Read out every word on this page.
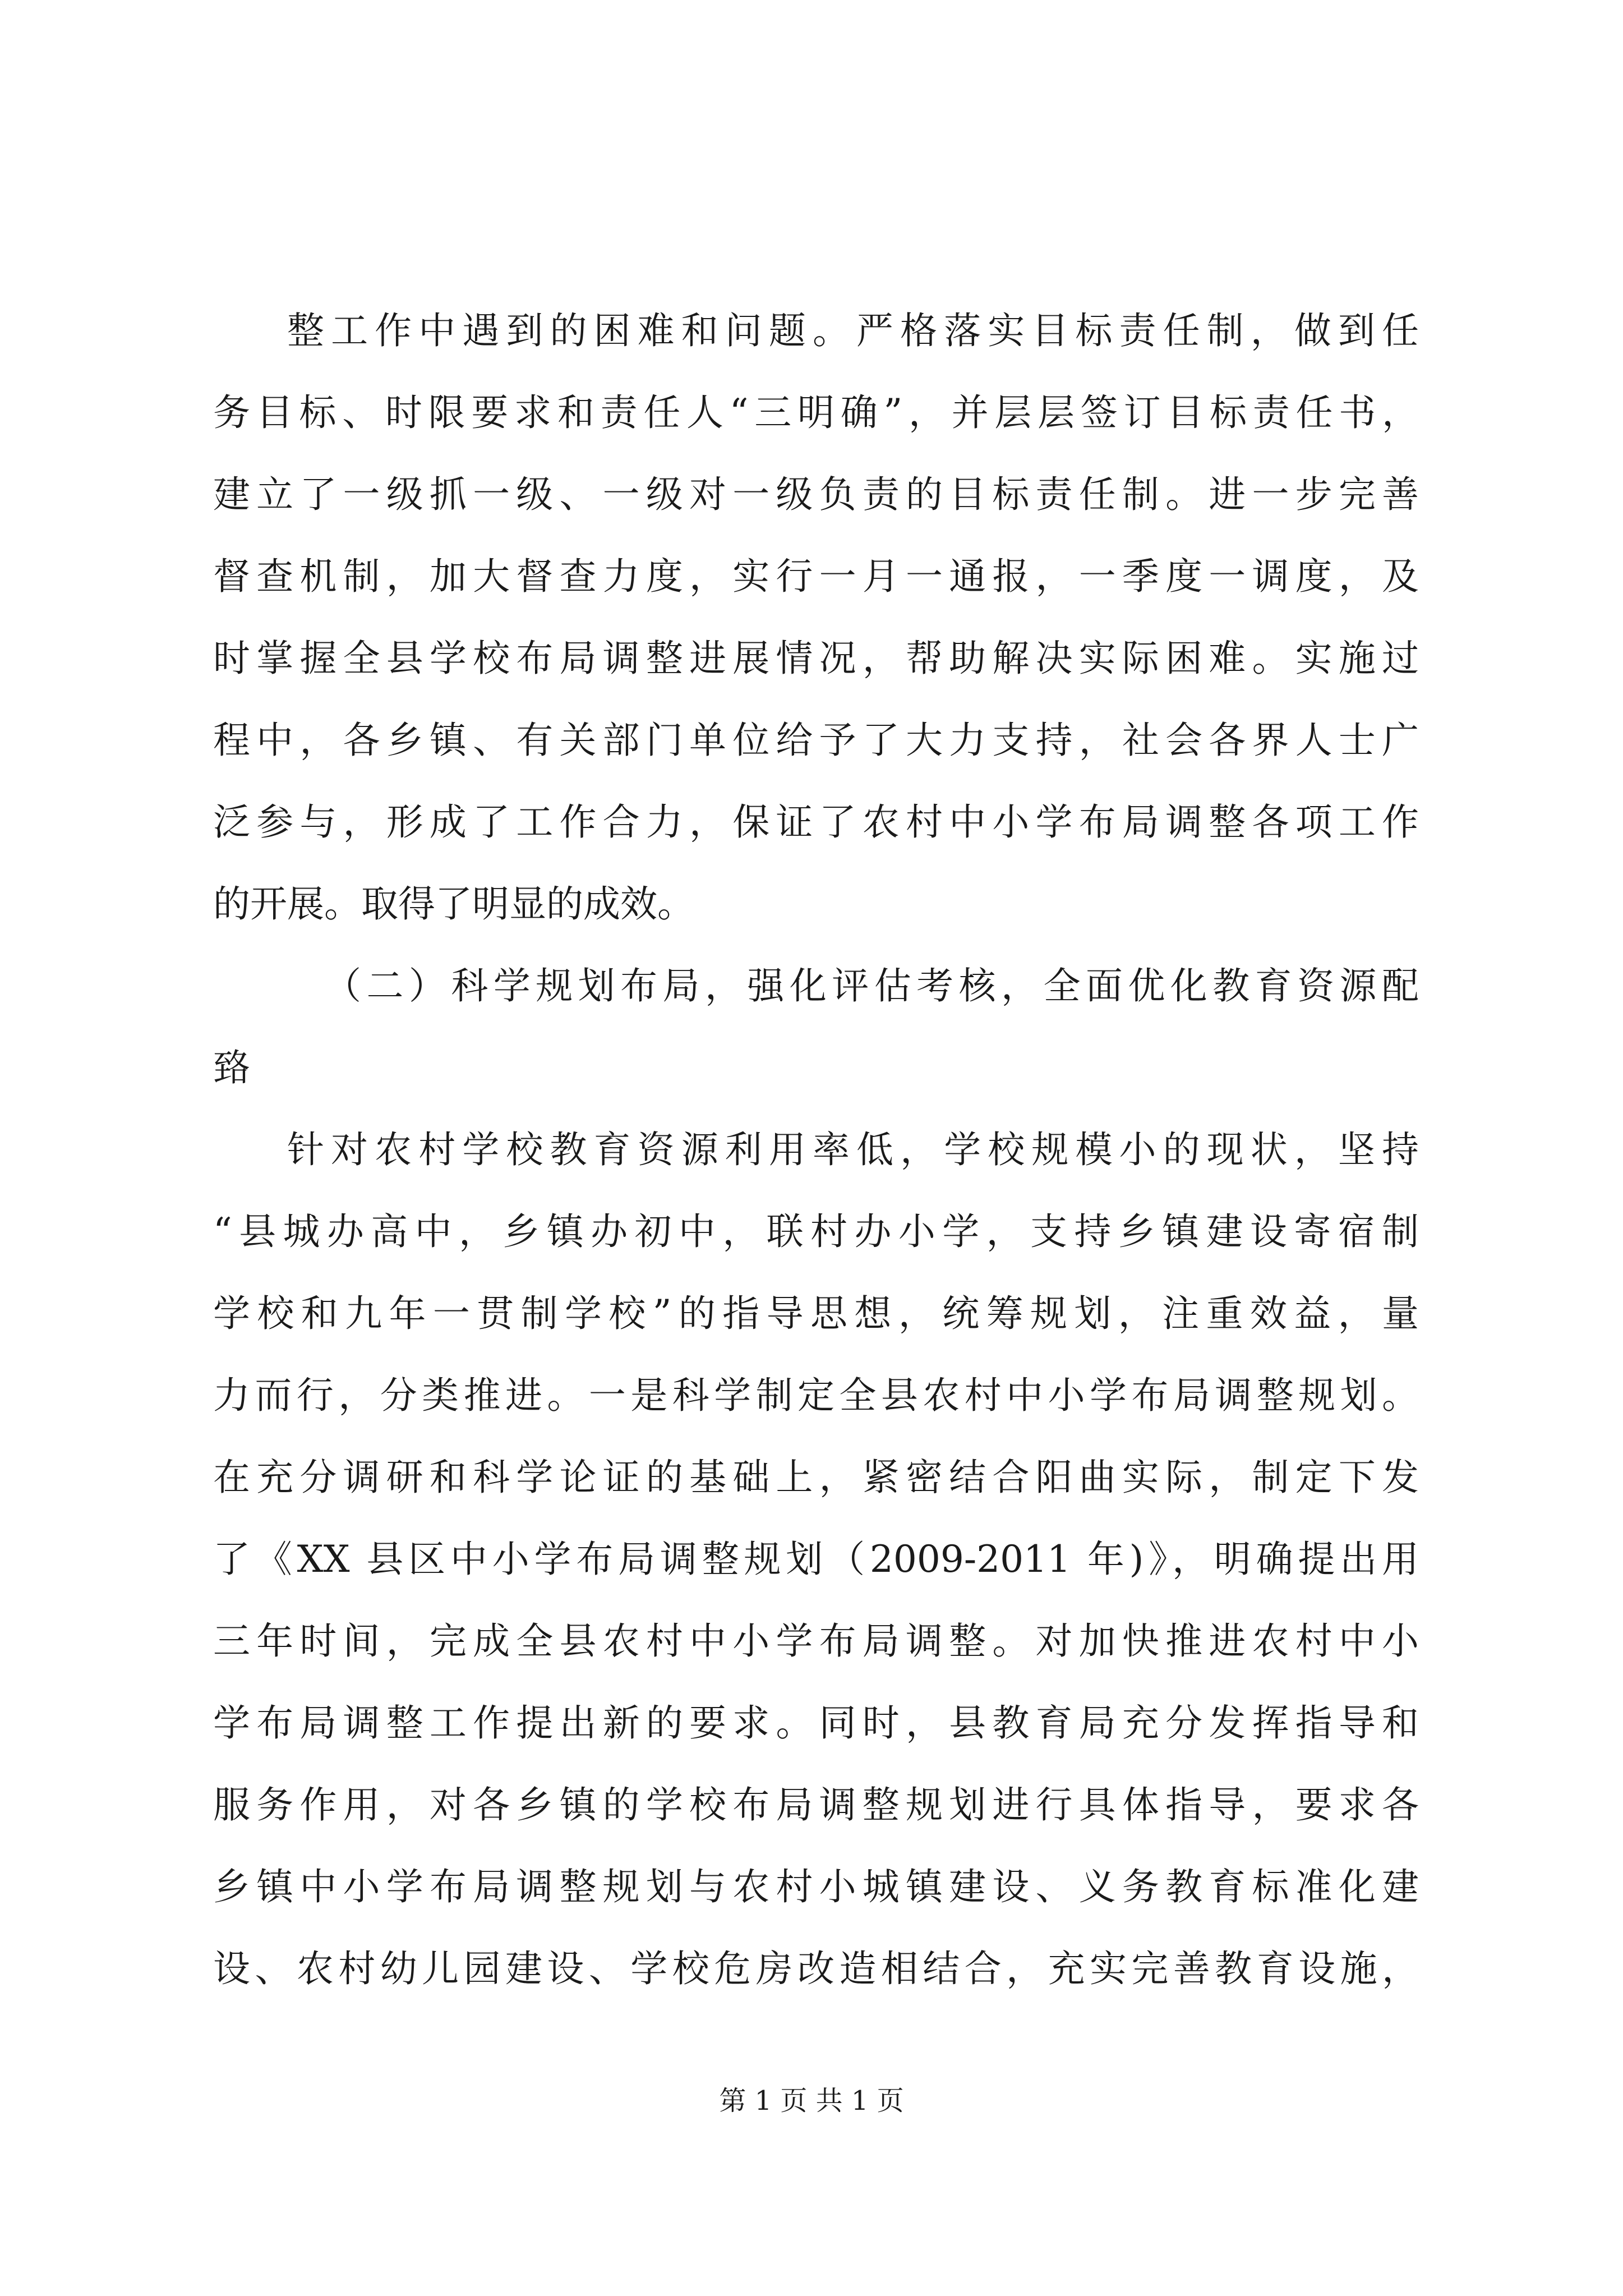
整工作中遇到的困难和问题。严格落实目标责任制，做到任
务目标、时限要求和责任人“三明确”，并层层签订目标责任书，
建立了一级抓一级、一级对一级负责的目标责任制。进一步完善
督查机制，加大督查力度，实行一月一通报，一季度一调度，及
时掌握全县学校布局调整进展情况，帮助解决实际困难。实施过
程中，各乡镇、有关部门单位给予了大力支持，社会各界人士广
泛参与，形成了工作合力，保证了农村中小学布局调整各项工作
的开展。取得了明显的成效。
（二）科学规划布局，强化评估考核，全面优化教育资源配
臵
针对农村学校教育资源利用率低，学校规模小的现状，坚持
“县城办高中，乡镇办初中，联村办小学，支持乡镇建设寄宿制
学校和九年一贯制学校”的指导思想，统筹规划，注重效益，量
力而行，分类推进。一是科学制定全县农村中小学布局调整规划。
在充分调研和科学论证的基础上，紧密结合阳曲实际，制定下发
了《XX 县区中小学布局调整规划（2009-2011 年)》，明确提出用
三年时间，完成全县农村中小学布局调整。对加快推进农村中小
学布局调整工作提出新的要求。同时，县教育局充分发挥指导和
服务作用，对各乡镇的学校布局调整规划进行具体指导，要求各
乡镇中小学布局调整规划与农村小城镇建设、义务教育标准化建
设、农村幼儿园建设、学校危房改造相结合，充实完善教育设施，
第 1 页 共 1 页
